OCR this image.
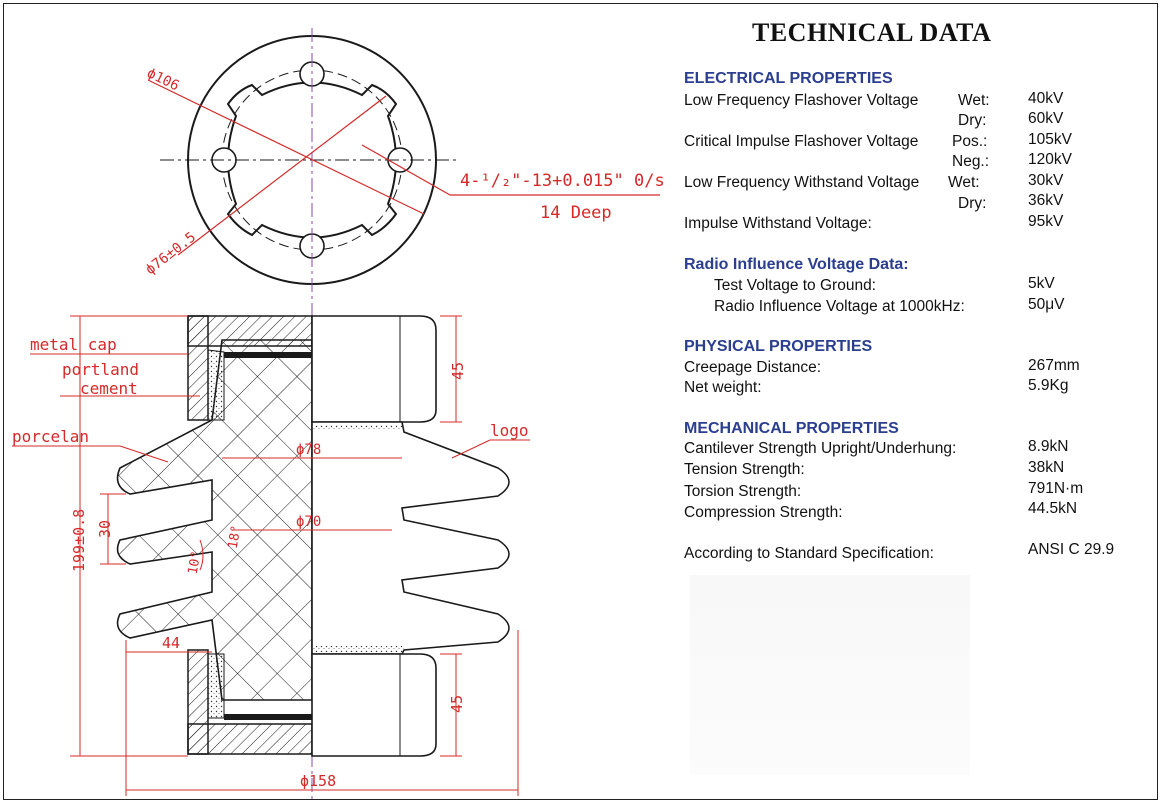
ϕ106
ϕ76±0.5
4-¹/₂"-13+0.015" 0/s
14 Deep
metal cap
portland
cement
porcelan	logo
45
45
199±0.8 30
10°
18°
ϕ78
ϕ70
44
ϕ158
TECHNICAL DATA
ELECTRICAL PROPERTIES
Low Frequency Flashover Voltage	Wet: 40kV
Dry:	60kV
Critical Impulse Flashover Voltage Pos.:	105kV
Neg.:	120kV
Low Frequency Withstand Voltage Wet:	30kV
Dry:	36kV
Impulse Withstand Voltage:	95kV
Radio Influence Voltage Data:
Test Voltage to Ground:	5kV
Radio Influence Voltage at 1000kHz:	50μV
PHYSICAL PROPERTIES
Creepage Distance:	267mm
Net weight:	5.9Kg
MECHANICAL PROPERTIES
Cantilever Strength Upright/Underhung:	8.9kN
Tension Strength:	38kN
Torsion Strength:	791N·m
Compression Strength:	44.5kN
According to Standard Specification:	ANSI C 29.9
